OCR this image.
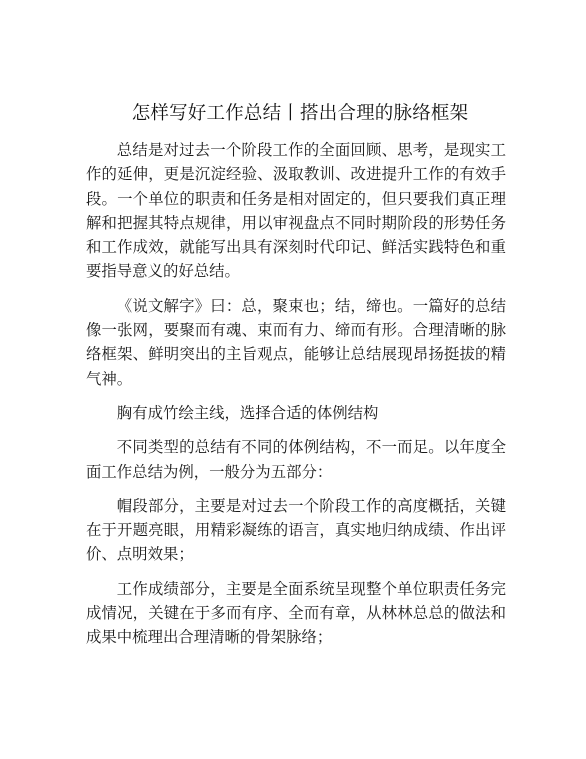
怎样写好工作总结丨搭出合理的脉络框架

总结是对过去一个阶段工作的全面回顾、思考，是现实工作的延伸，更是沉淀经验、汲取教训、改进提升工作的有效手段。一个单位的职责和任务是相对固定的，但只要我们真正理解和把握其特点规律，用以审视盘点不同时期阶段的形势任务和工作成效，就能写出具有深刻时代印记、鲜活实践特色和重要指导意义的好总结。

《说文解字》曰：总，聚束也；结，缔也。一篇好的总结像一张网，要聚而有魂、束而有力、缔而有形。合理清晰的脉络框架、鲜明突出的主旨观点，能够让总结展现昂扬挺拔的精气神。

胸有成竹绘主线，选择合适的体例结构

不同类型的总结有不同的体例结构，不一而足。以年度全面工作总结为例，一般分为五部分：

帽段部分，主要是对过去一个阶段工作的高度概括，关键在于开题亮眼，用精彩凝练的语言，真实地归纳成绩、作出评价、点明效果；

工作成绩部分，主要是全面系统呈现整个单位职责任务完成情况，关键在于多而有序、全而有章，从林林总总的做法和成果中梳理出合理清晰的骨架脉络；
